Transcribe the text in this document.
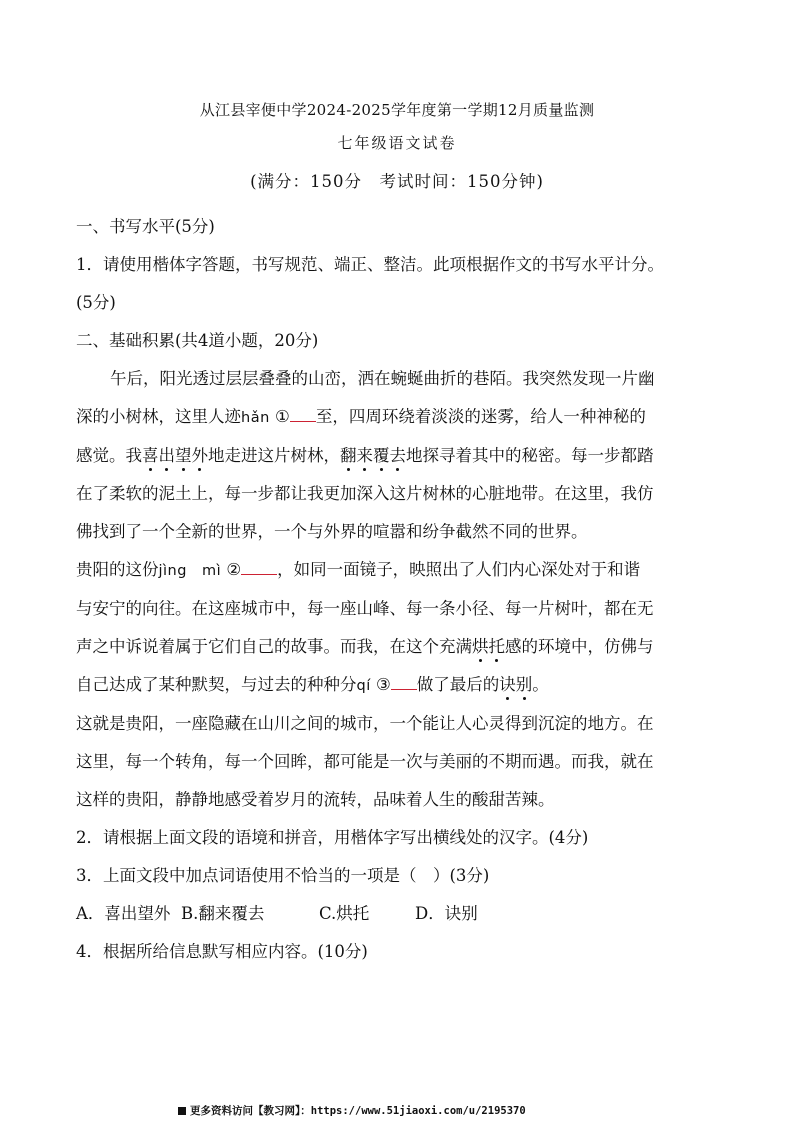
从江县宰便中学2024-2025学年度第一学期12月质量监测
七年级语文试卷
(满分：150分　考试时间：150分钟)
一、书写水平(5分)
1．请使用楷体字答题，书写规范、端正、整洁。此项根据作文的书写水平计分。
(5分)
二、基础积累(共4道小题，20分)
午后，阳光透过层层叠叠的山峦，洒在蜿蜒曲折的巷陌。我突然发现一片幽
深的小树林，这里人迹hǎn ① 至，四周环绕着淡淡的迷雾，给人一种神秘的
感觉。我喜出望外地走进这片树林，翻来覆去地探寻着其中的秘密。每一步都踏
在了柔软的泥土上，每一步都让我更加深入这片树林的心脏地带。在这里，我仿
佛找到了一个全新的世界，一个与外界的喧嚣和纷争截然不同的世界。
贵阳的这份jìng　mì ② ，如同一面镜子，映照出了人们内心深处对于和谐
与安宁的向往。在这座城市中，每一座山峰、每一条小径、每一片树叶，都在无
声之中诉说着属于它们自己的故事。而我，在这个充满烘托感的环境中，仿佛与
自己达成了某种默契，与过去的种种分qí ③ 做了最后的诀别。
这就是贵阳，一座隐藏在山川之间的城市，一个能让人心灵得到沉淀的地方。在
这里，每一个转角，每一个回眸，都可能是一次与美丽的不期而遇。而我，就在
这样的贵阳，静静地感受着岁月的流转，品味着人生的酸甜苦辣。
2．请根据上面文段的语境和拼音，用楷体字写出横线处的汉字。(4分)
3．上面文段中加点词语使用不恰当的一项是（　）(3分)
A．喜出望外 B.翻来覆去	C.烘托	D．诀别
4．根据所给信息默写相应内容。(10分)
更多资料访问【教习网】：https://www.51jiaoxi.com/u/2195370
